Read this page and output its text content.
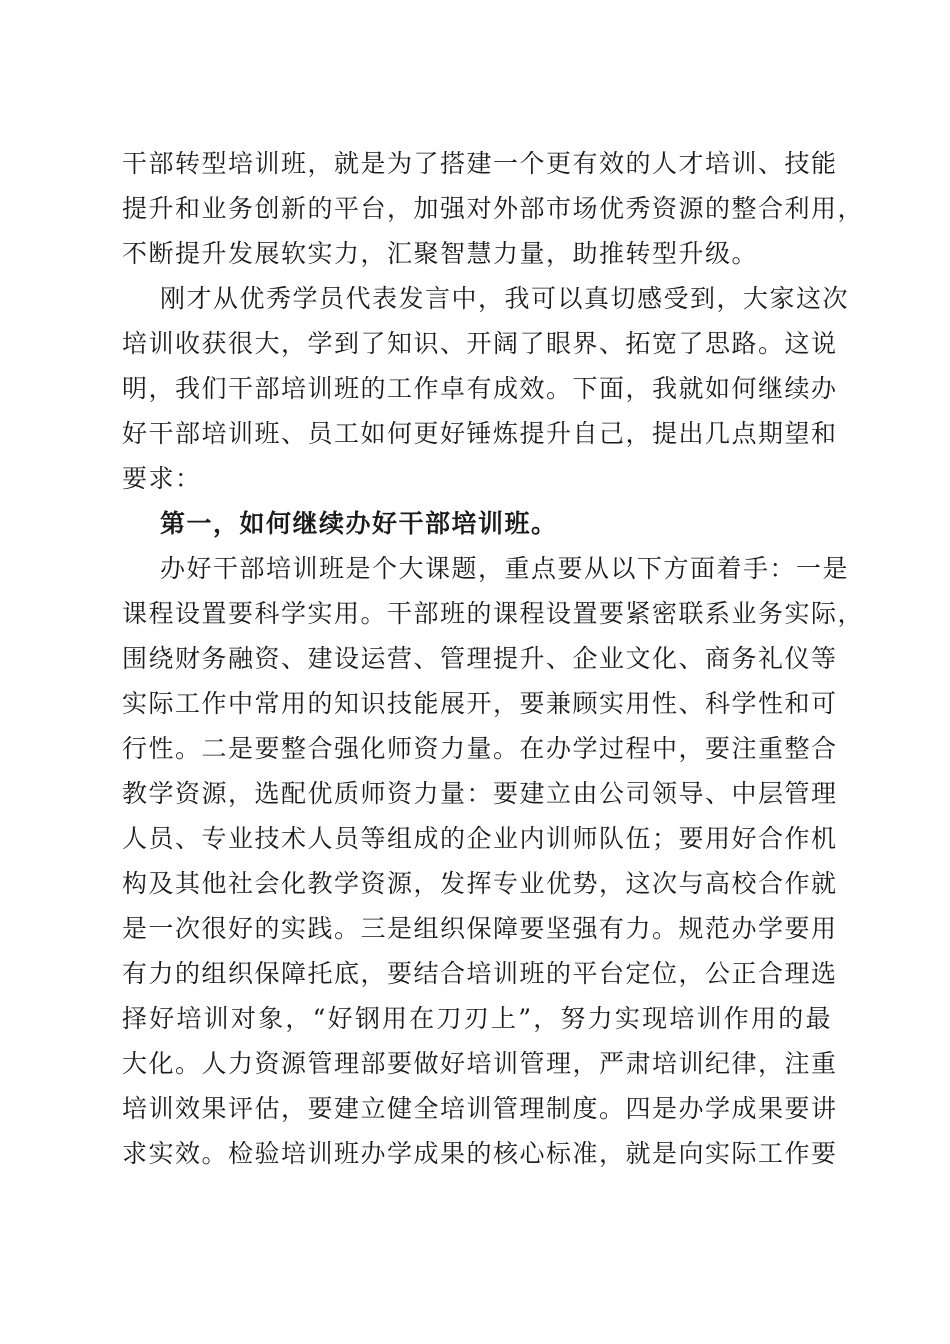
干部转型培训班，就是为了搭建一个更有效的人才培训、技能
提升和业务创新的平台，加强对外部市场优秀资源的整合利用，
不断提升发展软实力，汇聚智慧力量，助推转型升级。
刚才从优秀学员代表发言中，我可以真切感受到，大家这次
培训收获很大，学到了知识、开阔了眼界、拓宽了思路。这说
明，我们干部培训班的工作卓有成效。下面，我就如何继续办
好干部培训班、员工如何更好锤炼提升自己，提出几点期望和
要求：
第一，如何继续办好干部培训班。
办好干部培训班是个大课题，重点要从以下方面着手：一是
课程设置要科学实用。干部班的课程设置要紧密联系业务实际，
围绕财务融资、建设运营、管理提升、企业文化、商务礼仪等
实际工作中常用的知识技能展开，要兼顾实用性、科学性和可
行性。二是要整合强化师资力量。在办学过程中，要注重整合
教学资源，选配优质师资力量：要建立由公司领导、中层管理
人员、专业技术人员等组成的企业内训师队伍；要用好合作机
构及其他社会化教学资源，发挥专业优势，这次与高校合作就
是一次很好的实践。三是组织保障要坚强有力。规范办学要用
有力的组织保障托底，要结合培训班的平台定位，公正合理选
择好培训对象，“好钢用在刀刃上”，努力实现培训作用的最
大化。人力资源管理部要做好培训管理，严肃培训纪律，注重
培训效果评估，要建立健全培训管理制度。四是办学成果要讲
求实效。检验培训班办学成果的核心标准，就是向实际工作要
